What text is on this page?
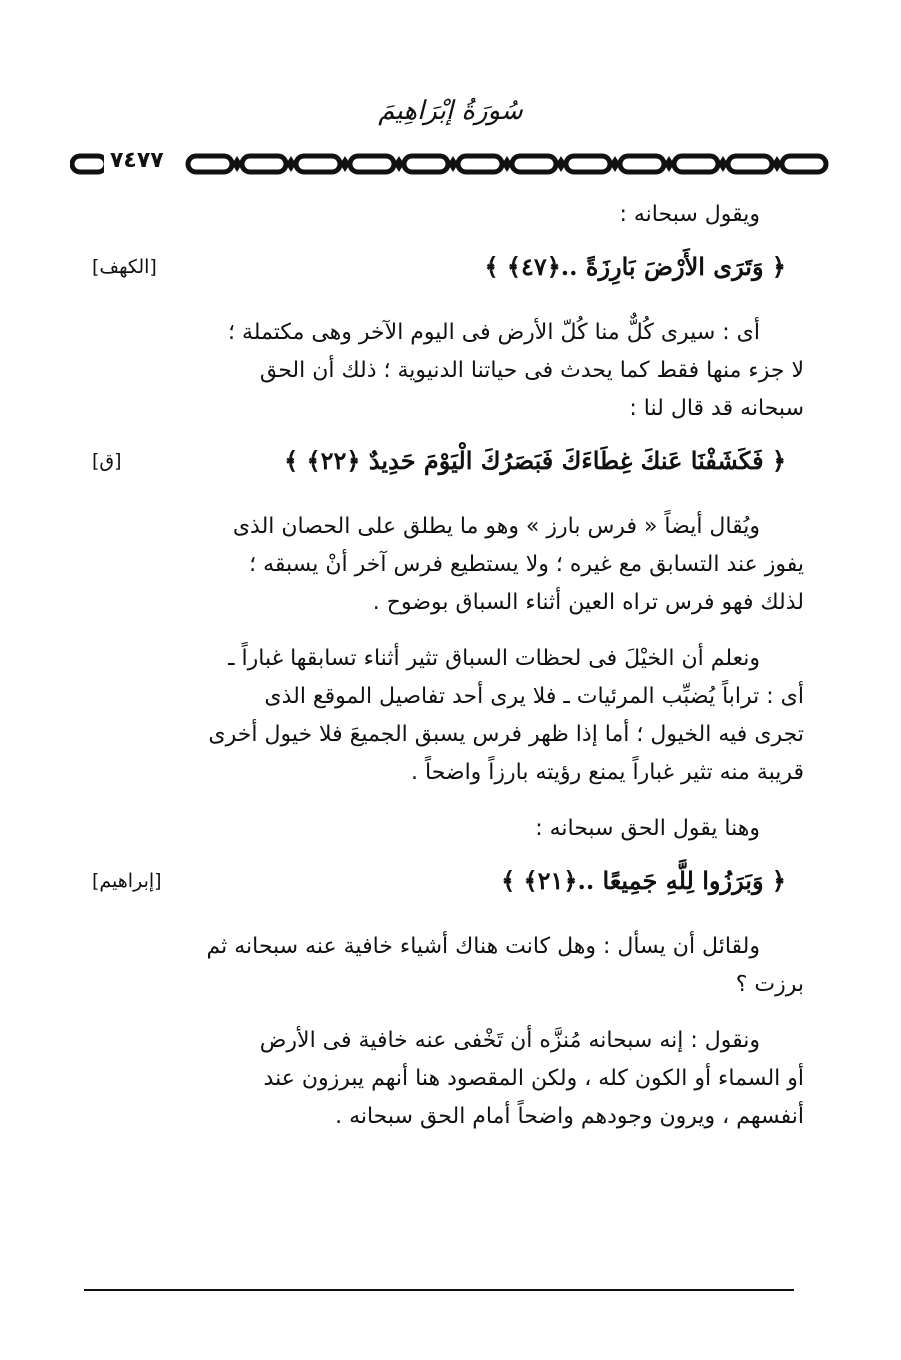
سُورَةُ إبْرَاهِيمَ
٧٤٧٧

ويقول سبحانه :

﴿ وَتَرَى الأَرْضَ بَارِزَةً ..﴿٤٧﴾ ﴾
[الكهف]

أى : سيرى كُلٌّ منا كُلّ الأرض فى اليوم الآخر وهى مكتملة ؛

لا جزء منها فقط كما يحدث فى حياتنا الدنيوية ؛ ذلك أن الحق

سبحانه قد قال لنا :

﴿ فَكَشَفْنَا عَنكَ غِطَاءَكَ فَبَصَرُكَ الْيَوْمَ حَدِيدٌ ﴿٢٢﴾ ﴾
[ق]

ويُقال أيضاً « فرس بارز » وهو ما يطلق على الحصان الذى

يفوز عند التسابق مع غيره ؛ ولا يستطيع فرس آخر أنْ يسبقه ؛

لذلك فهو فرس تراه العين أثناء السباق بوضوح .

ونعلم أن الخيْلَ فى لحظات السباق تثير أثناء تسابقها غباراً ـ

أى : تراباً يُضبِّب المرئيات ـ فلا يرى أحد تفاصيل الموقع الذى

تجرى فيه الخيول ؛ أما إذا ظهر فرس يسبق الجميعَ فلا خيول أخرى

قريبة منه تثير غباراً يمنع رؤيته بارزاً واضحاً .

وهنا يقول الحق سبحانه :

﴿ وَبَرَزُوا لِلَّهِ جَمِيعًا ..﴿٢١﴾ ﴾
[إبراهيم]

ولقائل أن يسأل : وهل كانت هناك أشياء خافية عنه سبحانه ثم

برزت ؟

ونقول : إنه سبحانه مُنزَّه أن تَخْفى عنه خافية فى الأرض

أو السماء أو الكون كله ، ولكن المقصود هنا أنهم يبرزون عند

أنفسهم ، ويرون وجودهم واضحاً أمام الحق سبحانه .
